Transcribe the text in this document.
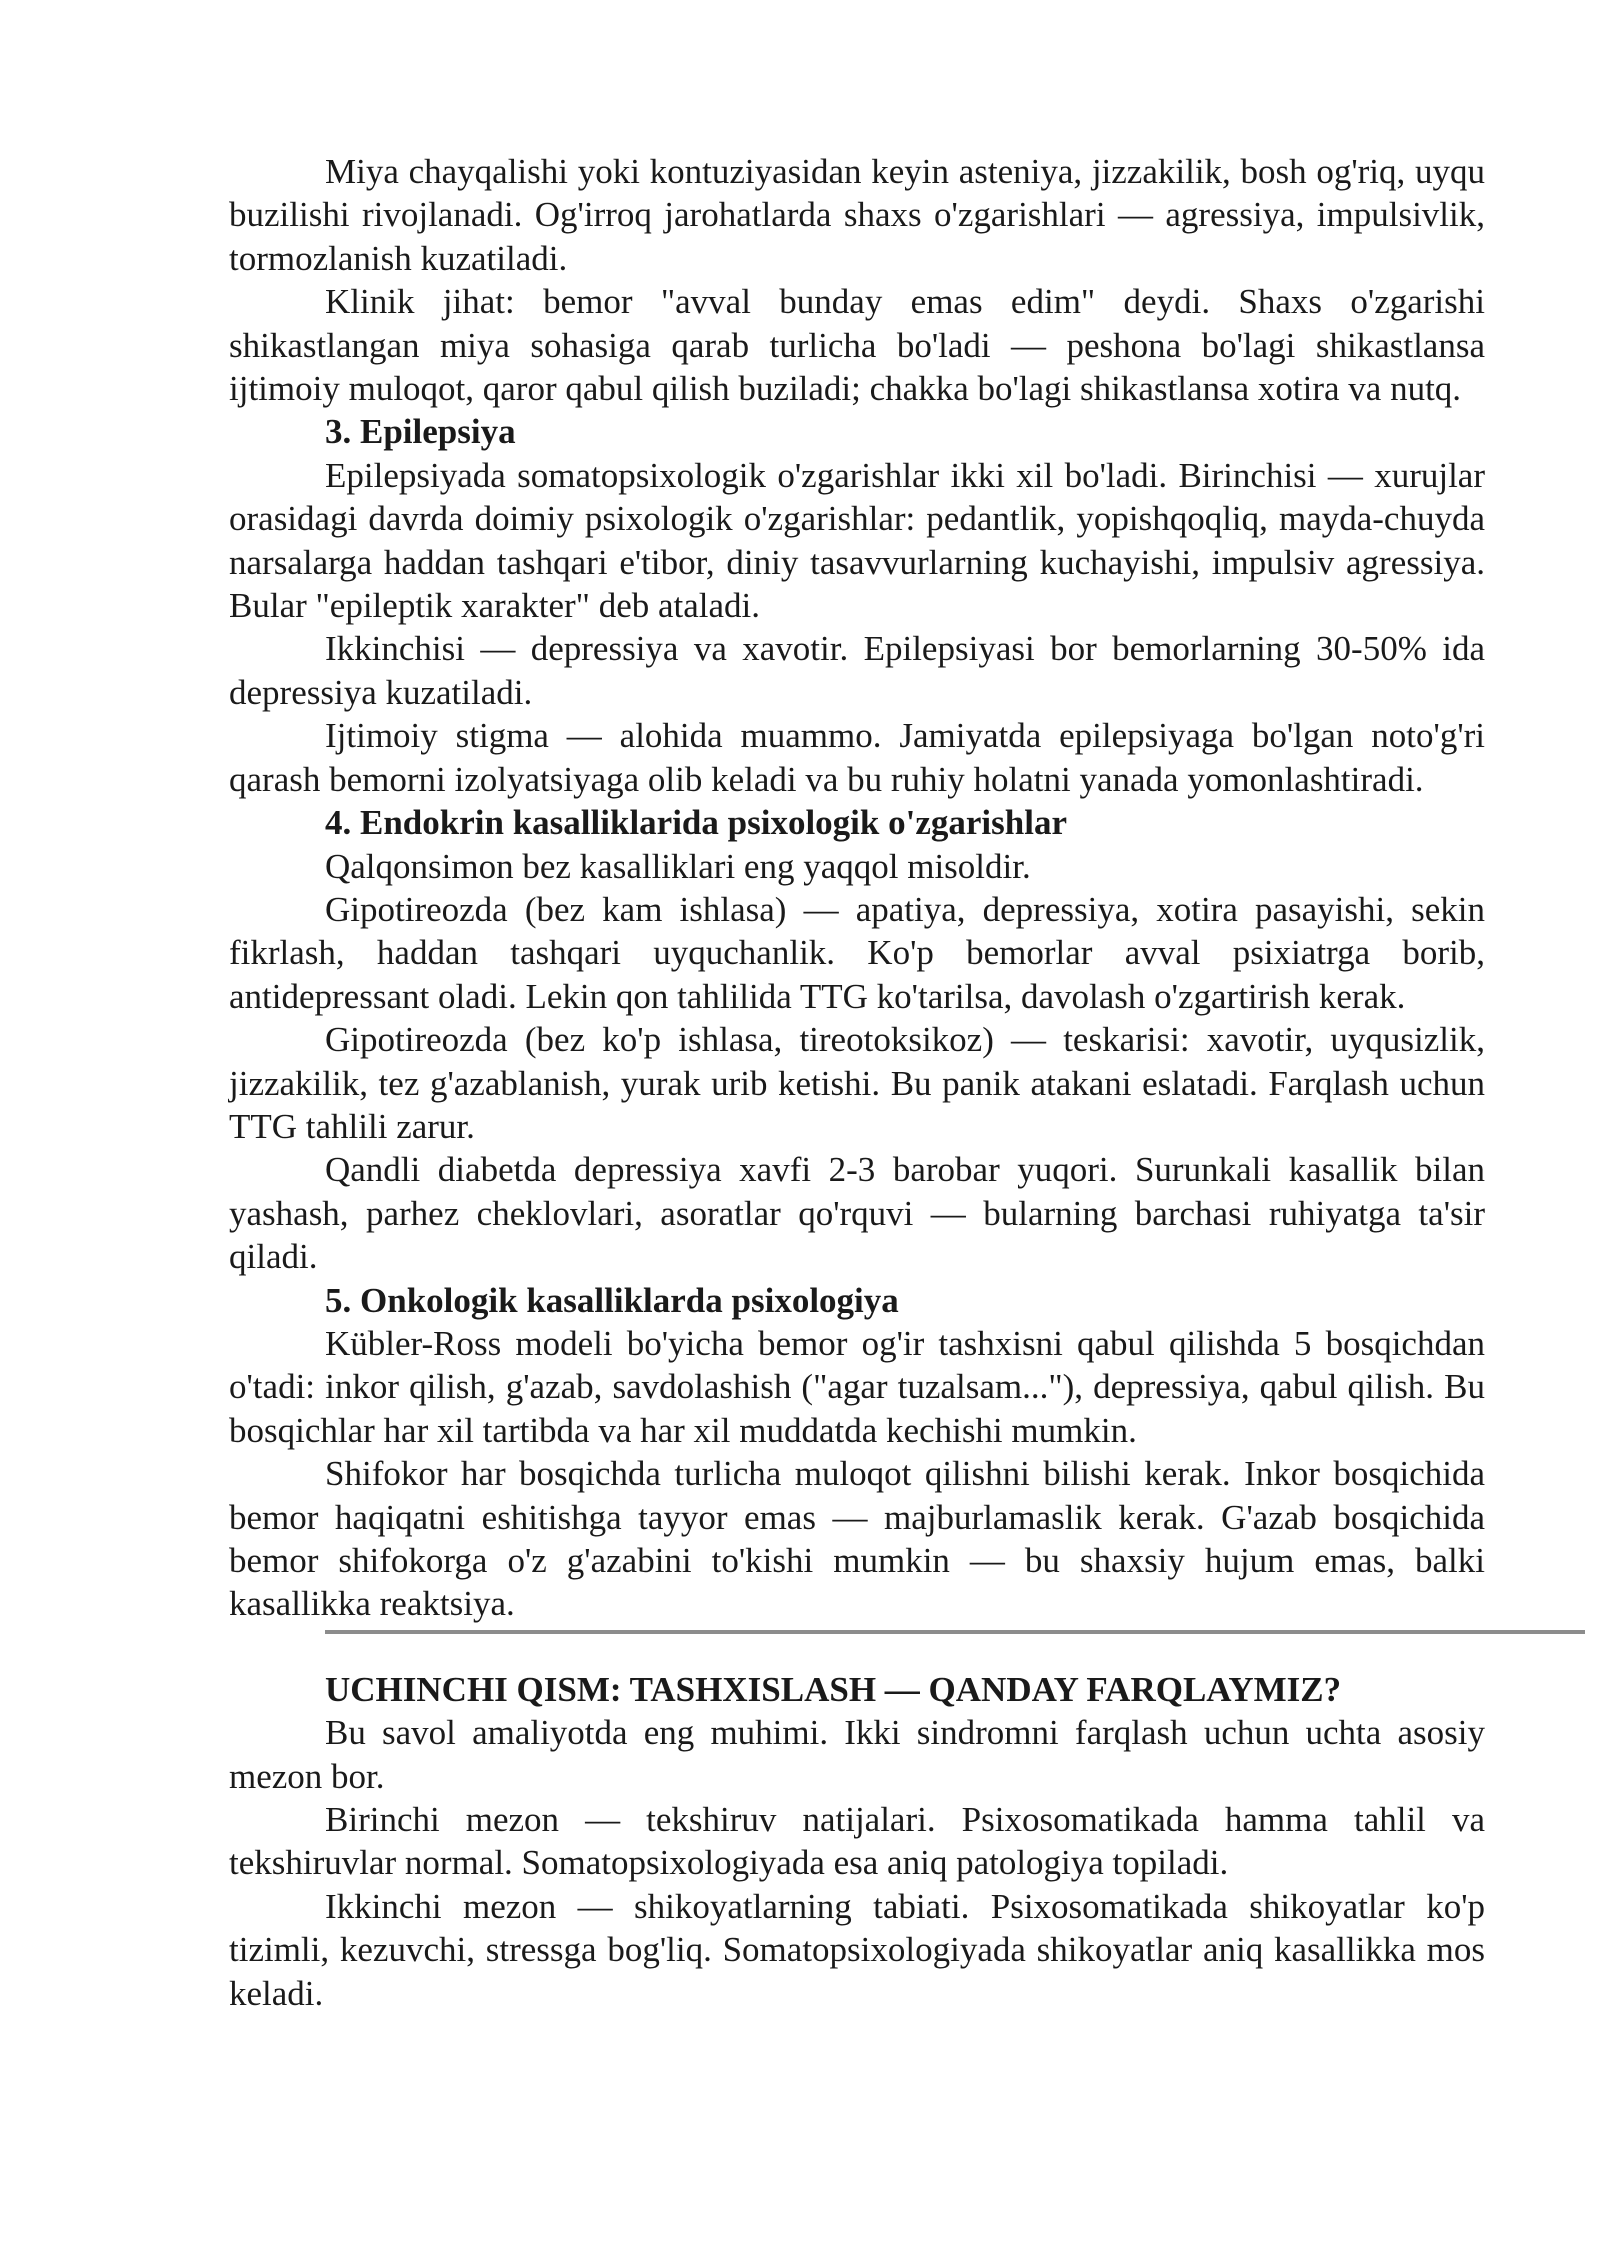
Miya chayqalishi yoki kontuziyasidan keyin asteniya, jizzakilik, bosh og'riq, uyqu buzilishi rivojlanadi. Og'irroq jarohatlarda shaxs o'zgarishlari — agressiya, impulsivlik, tormozlanish kuzatiladi.

Klinik jihat: bemor "avval bunday emas edim" deydi. Shaxs o'zgarishi shikastlangan miya sohasiga qarab turlicha bo'ladi — peshona bo'lagi shikastlansa ijtimoiy muloqot, qaror qabul qilish buziladi; chakka bo'lagi shikastlansa xotira va nutq.

3. Epilepsiya

Epilepsiyada somatopsixologik o'zgarishlar ikki xil bo'ladi. Birinchisi — xurujlar orasidagi davrda doimiy psixologik o'zgarishlar: pedantlik, yopishqoqliq, mayda-chuyda narsalarga haddan tashqari e'tibor, diniy tasavvurlarning kuchayishi, impulsiv agressiya. Bular "epileptik xarakter" deb ataladi.

Ikkinchisi — depressiya va xavotir. Epilepsiyasi bor bemorlarning 30-50% ida depressiya kuzatiladi.

Ijtimoiy stigma — alohida muammo. Jamiyatda epilepsiyaga bo'lgan noto'g'ri qarash bemorni izolyatsiyaga olib keladi va bu ruhiy holatni yanada yomonlashtiradi.

4. Endokrin kasalliklarida psixologik o'zgarishlar

Qalqonsimon bez kasalliklari eng yaqqol misoldir.

Gipotireozda (bez kam ishlasa) — apatiya, depressiya, xotira pasayishi, sekin fikrlash, haddan tashqari uyquchanlik. Ko'p bemorlar avval psixiatrga borib, antidepressant oladi. Lekin qon tahlilida TTG ko'tarilsa, davolash o'zgartirish kerak.

Gipotireozda (bez ko'p ishlasa, tireotoksikoz) — teskarisi: xavotir, uyqusizlik, jizzakilik, tez g'azablanish, yurak urib ketishi. Bu panik atakani eslatadi. Farqlash uchun TTG tahlili zarur.

Qandli diabetda depressiya xavfi 2-3 barobar yuqori. Surunkali kasallik bilan yashash, parhez cheklovlari, asoratlar qo'rquvi — bularning barchasi ruhiyatga ta'sir qiladi.

5. Onkologik kasalliklarda psixologiya

Kübler-Ross modeli bo'yicha bemor og'ir tashxisni qabul qilishda 5 bosqichdan o'tadi: inkor qilish, g'azab, savdolashish ("agar tuzalsam..."), depressiya, qabul qilish. Bu bosqichlar har xil tartibda va har xil muddatda kechishi mumkin.

Shifokor har bosqichda turlicha muloqot qilishni bilishi kerak. Inkor bosqichida bemor haqiqatni eshitishga tayyor emas — majburlamaslik kerak. G'azab bosqichida bemor shifokorga o'z g'azabini to'kishi mumkin — bu shaxsiy hujum emas, balki kasallikka reaktsiya.

UCHINCHI QISM: TASHXISLASH — QANDAY FARQLAYMIZ?

Bu savol amaliyotda eng muhimi. Ikki sindromni farqlash uchun uchta asosiy mezon bor.

Birinchi mezon — tekshiruv natijalari. Psixosomatikada hamma tahlil va tekshiruvlar normal. Somatopsixologiyada esa aniq patologiya topiladi.

Ikkinchi mezon — shikoyatlarning tabiati. Psixosomatikada shikoyatlar ko'p tizimli, kezuvchi, stressga bog'liq. Somatopsixologiyada shikoyatlar aniq kasallikka mos keladi.
